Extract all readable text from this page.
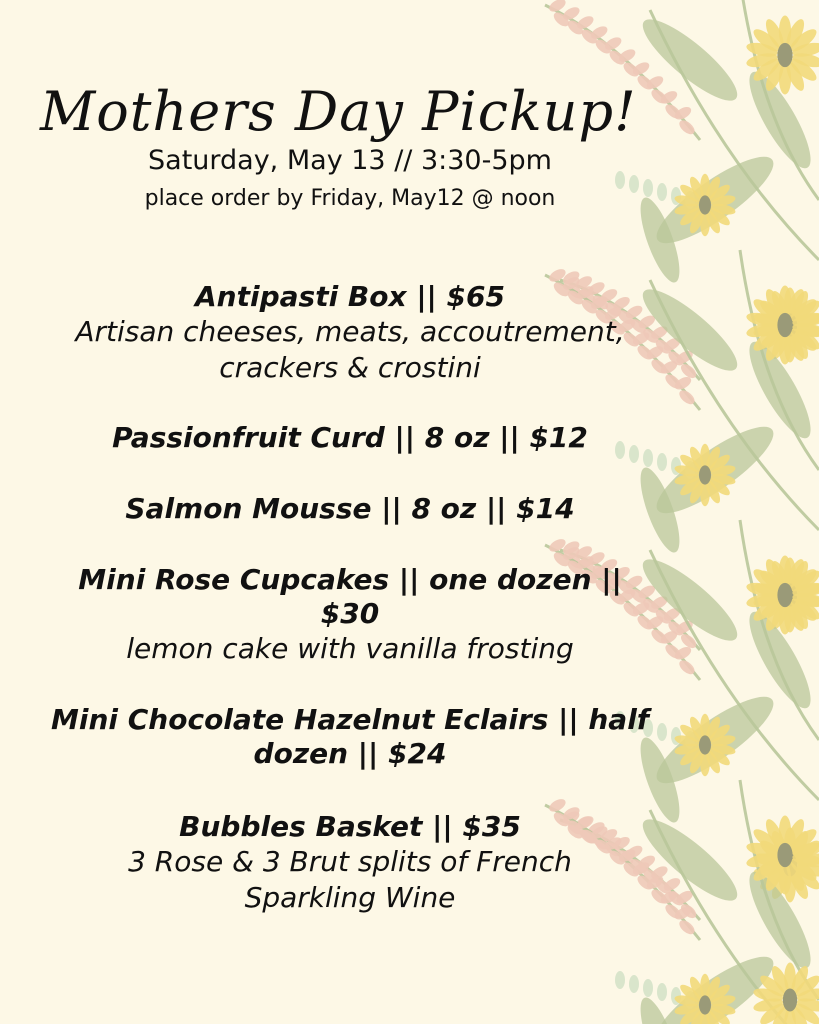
Mothers Day Pickup!
Saturday, May 13 // 3:30-5pm
place order by Friday, May12 @ noon
Antipasti Box || $65
Artisan cheeses, meats, accoutrement, crackers & crostini
Passionfruit Curd || 8 oz || $12
Salmon Mousse || 8 oz || $14
Mini Rose Cupcakes || one dozen || $30
lemon cake with vanilla frosting
Mini Chocolate Hazelnut Eclairs || half dozen || $24
Bubbles Basket || $35
3 Rose & 3 Brut splits of French Sparkling Wine
